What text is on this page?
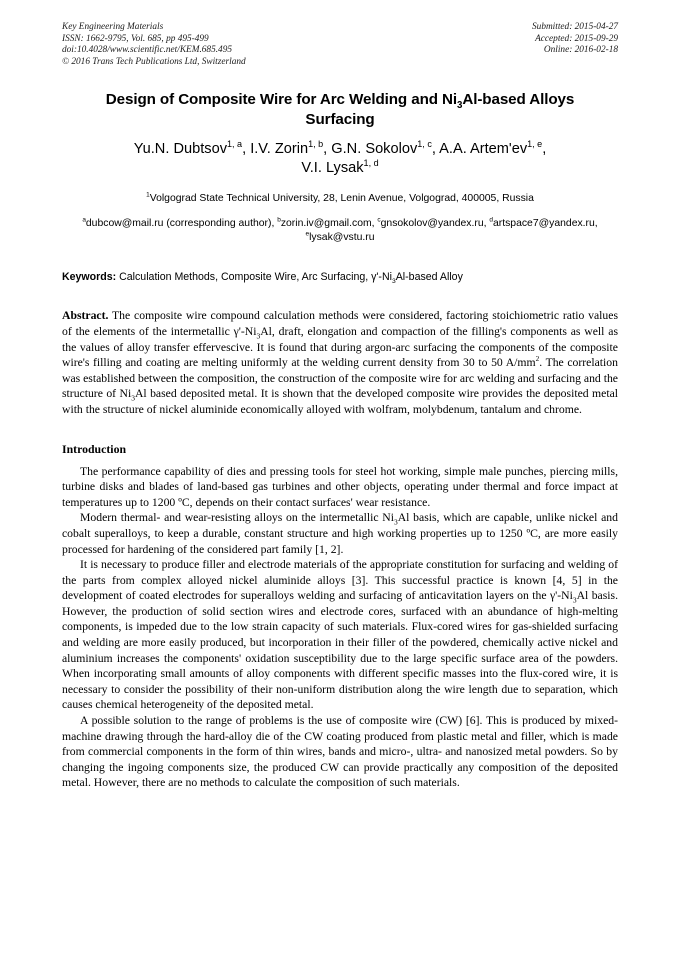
Key Engineering Materials
ISSN: 1662-9795, Vol. 685, pp 495-499
doi:10.4028/www.scientific.net/KEM.685.495
© 2016 Trans Tech Publications Ltd, Switzerland
Submitted: 2015-04-27
Accepted: 2015-09-29
Online: 2016-02-18
Design of Composite Wire for Arc Welding and $Ni_3Al$-based Alloys Surfacing
Yu.N. Dubtsov$^{1, a}$, I.V. Zorin$^{1, b}$, G.N. Sokolov$^{1, c}$, A.A. Artem'ev$^{1, e}$,
V.I. Lysak$^{1, d}$
$^1$Volgograd State Technical University, 28, Lenin Avenue, Volgograd, 400005, Russia
$^a$dubcow@mail.ru (corresponding author), $^b$zorin.iv@gmail.com, $^c$gnsokolov@yandex.ru, $^d$artspace7@yandex.ru, $^e$lysak@vstu.ru
Keywords: Calculation Methods, Composite Wire, Arc Surfacing, $\gamma'-Ni_3Al$-based Alloy
Abstract. The composite wire compound calculation methods were considered, factoring stoichiometric ratio values of the elements of the intermetallic $\gamma'-Ni_3Al$, draft, elongation and compaction of the filling's components as well as the values of alloy transfer effervescive. It is found that during argon-arc surfacing the components of the composite wire's filling and coating are melting uniformly at the welding current density from 30 to 50 $A/mm^2$. The correlation was established between the composition, the construction of the composite wire for arc welding and surfacing and the structure of $Ni_3Al$ based deposited metal. It is shown that the developed composite wire provides the deposited metal with the structure of nickel aluminide economically alloyed with wolfram, molybdenum, tantalum and chrome.
Introduction

The performance capability of dies and pressing tools for steel hot working, simple male punches, piercing mills, turbine disks and blades of land-based gas turbines and other objects, operating under thermal and force impact at temperatures up to 1200 ºC, depends on their contact surfaces' wear resistance.

Modern thermal- and wear-resisting alloys on the intermetallic $Ni_3Al$ basis, which are capable, unlike nickel and cobalt superalloys, to keep a durable, constant structure and high working properties up to 1250 ºC, are more easily processed for hardening of the considered part family [1, 2].

It is necessary to produce filler and electrode materials of the appropriate constitution for surfacing and welding of the parts from complex alloyed nickel aluminide alloys [3]. This successful practice is known [4, 5] in the development of coated electrodes for superalloys welding and surfacing of anticavitation layers on the $\gamma'-Ni_3Al$ basis. However, the production of solid section wires and electrode cores, surfaced with an abundance of high-melting components, is impeded due to the low strain capacity of such materials. Flux-cored wires for gas-shielded surfacing and welding are more easily produced, but incorporation in their filler of the powdered, chemically active nickel and aluminium increases the components' oxidation susceptibility due to the large specific surface area of the powders. When incorporating small amounts of alloy components with different specific masses into the flux-cored wire, it is necessary to consider the possibility of their non-uniform distribution along the wire length due to separation, which causes chemical heterogeneity of the deposited metal.

A possible solution to the range of problems is the use of composite wire (CW) [6]. This is produced by mixed-machine drawing through the hard-alloy die of the CW coating produced from plastic metal and filler, which is made from commercial components in the form of thin wires, bands and micro-, ultra- and nanosized metal powders. So by changing the ingoing components size, the produced CW can provide practically any composition of the deposited metal. However, there are no methods to calculate the composition of such materials.
